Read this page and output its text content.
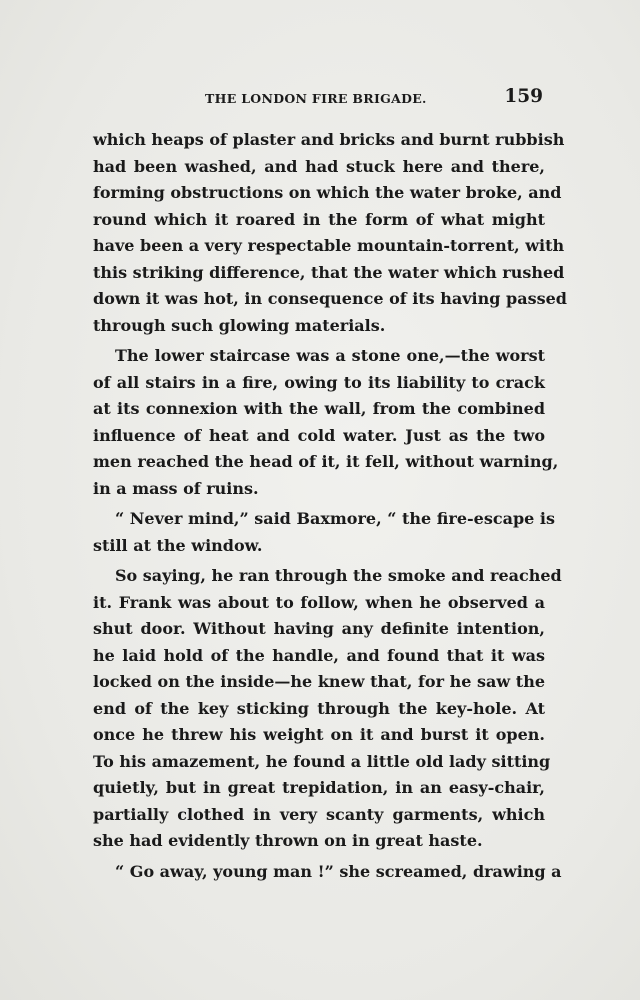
THE LONDON FIRE BRIGADE.	159

which heaps of plaster and bricks and burnt rubbish
had been washed, and had stuck here and there,
forming obstructions on which the water broke, and
round which it roared in the form of what might
have been a very respectable mountain-torrent, with
this striking difference, that the water which rushed
down it was hot, in consequence of its having passed
through such glowing materials.

The lower staircase was a stone one,—the worst
of all stairs in a fire, owing to its liability to crack
at its connexion with the wall, from the combined
influence of heat and cold water. Just as the two
men reached the head of it, it fell, without warning,
in a mass of ruins.

“ Never mind,” said Baxmore, “ the fire-escape is
still at the window.

So saying, he ran through the smoke and reached
it. Frank was about to follow, when he observed a
shut door. Without having any definite intention,
he laid hold of the handle, and found that it was
locked on the inside—he knew that, for he saw the
end of the key sticking through the key-hole. At
once he threw his weight on it and burst it open.
To his amazement, he found a little old lady sitting
quietly, but in great trepidation, in an easy-chair,
partially clothed in very scanty garments, which
she had evidently thrown on in great haste.

“ Go away, young man !” she screamed, drawing a
